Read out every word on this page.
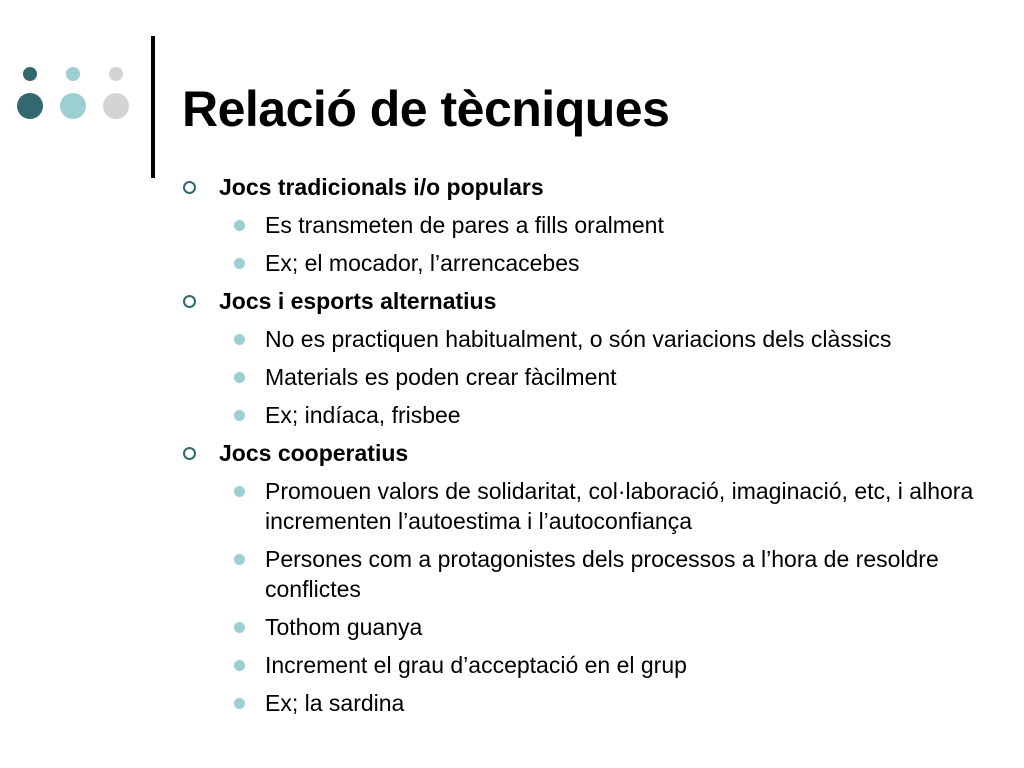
Relació de tècniques
Jocs tradicionals i/o populars
Es transmeten de pares a fills oralment
Ex; el mocador, l’arrencacebes
Jocs i esports alternatius
No es practiquen habitualment, o són variacions dels clàssics
Materials es poden crear fàcilment
Ex; indíaca, frisbee
Jocs cooperatius
Promouen valors de solidaritat, col·laboració, imaginació, etc, i alhora incrementen l’autoestima i l’autoconfiança
Persones com a protagonistes dels processos a l’hora de resoldre conflictes
Tothom guanya
Increment el grau d’acceptació en el grup
Ex; la sardina
